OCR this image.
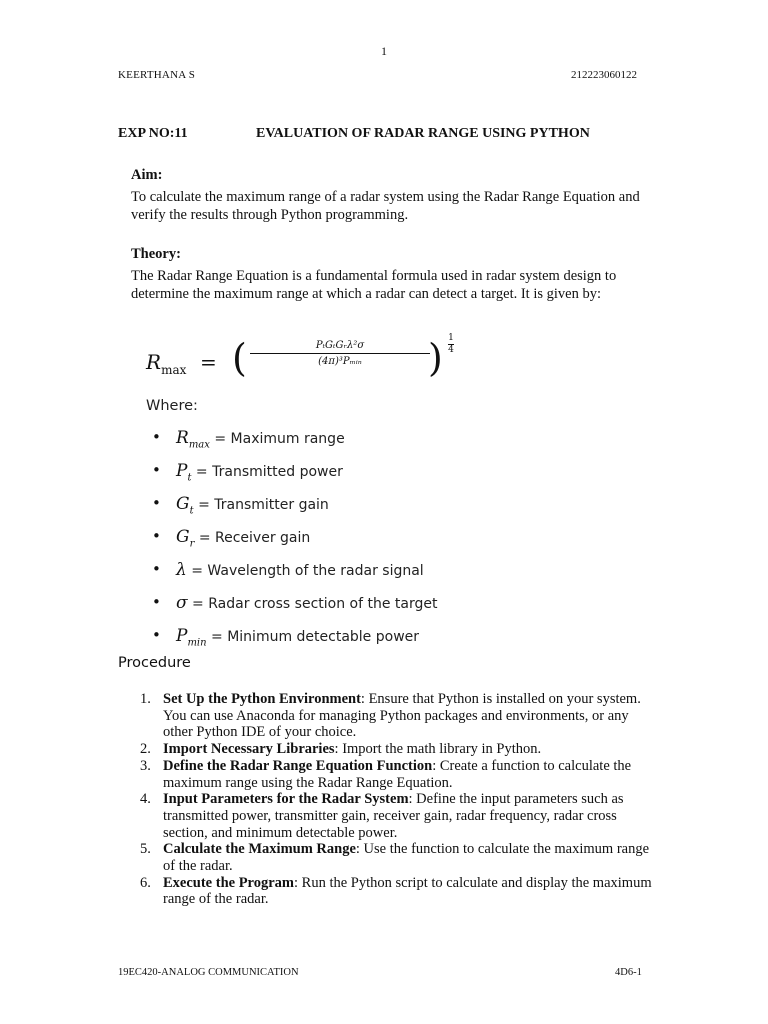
1
KEERTHANA S	212223060122
EXP NO:11	EVALUATION OF RADAR RANGE USING PYTHON
Aim:
To calculate the maximum range of a radar system using the Radar Range Equation and verify the results through Python programming.
Theory:
The Radar Range Equation is a fundamental formula used in radar system design to determine the maximum range at which a radar can detect a target. It is given by:
$R_{max}$ = (	PₜGₜGᵣλ²σ
(4π)³Pₘᵢₙ	) 1
4
Where:
• $R_{max}$ = Maximum range
• $P_t$ = Transmitted power
• $G_t$ = Transmitter gain
• $G_r$ = Receiver gain
• λ = Wavelength of the radar signal
• σ = Radar cross section of the target
• $P_{min}$ = Minimum detectable power
Procedure
1. Set Up the Python Environment: Ensure that Python is installed on your system. You can use Anaconda for managing Python packages and environments, or any other Python IDE of your choice.
2. Import Necessary Libraries: Import the math library in Python.
3. Define the Radar Range Equation Function: Create a function to calculate the maximum range using the Radar Range Equation.
4. Input Parameters for the Radar System: Define the input parameters such as transmitted power, transmitter gain, receiver gain, radar frequency, radar cross section, and minimum detectable power.
5. Calculate the Maximum Range: Use the function to calculate the maximum range of the radar.
6. Execute the Program: Run the Python script to calculate and display the maximum range of the radar.
19EC420-ANALOG COMMUNICATION	4D6-1
